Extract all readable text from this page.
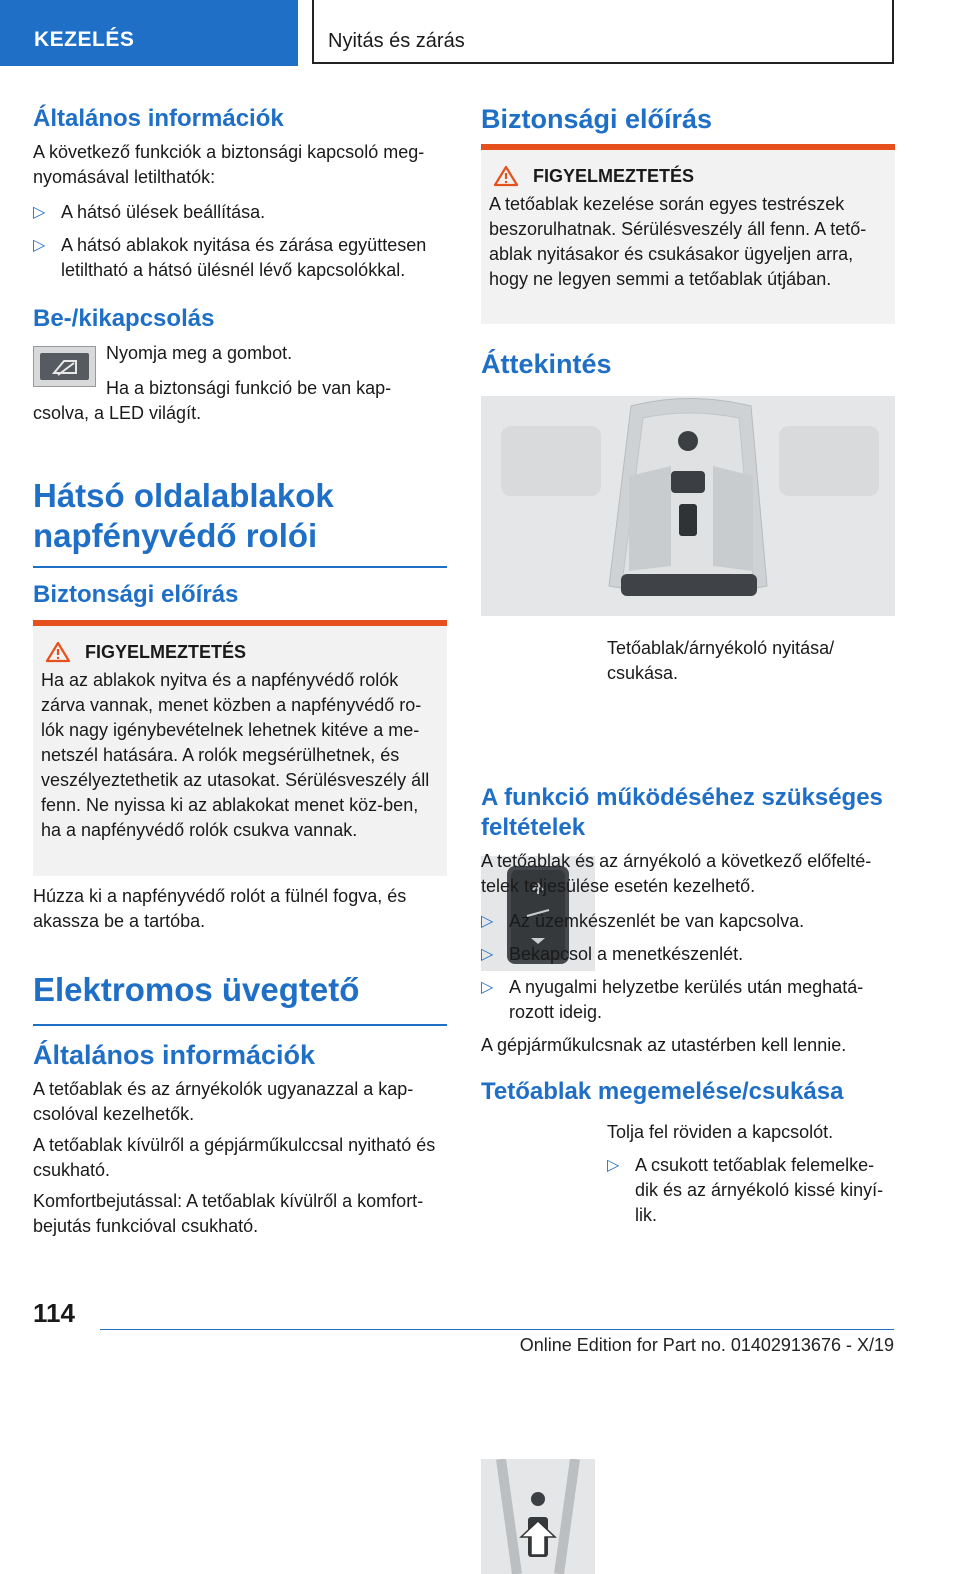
KEZELÉS	Nyitás és zárás
Általános információk

A következő funkciók a biztonsági kapcsoló meg-nyomásával letilthatók:

▷ A hátsó ülések beállítása.
▷ A hátsó ablakok nyitása és zárása együttesen letiltható a hátsó ülésnél lévő kapcsolókkal.
Be-/kikapcsolás

Nyomja meg a gombot.

Ha a biztonsági funkció be van kap-csolva, a LED világít.

Hátsó oldalablakok napfényvédő rolói
Biztonsági előírás
FIGYELMEZTETÉS

Ha az ablakok nyitva és a napfényvédő rolók zárva vannak, menet közben a napfényvédő ro-lók nagy igénybevételnek lehetnek kitéve a me-netszél hatására. A rolók megsérülhetnek, és veszélyeztethetik az utasokat. Sérülésveszély áll fenn. Ne nyissa ki az ablakokat menet köz-ben, ha a napfényvédő rolók csukva vannak.

Húzza ki a napfényvédő rolót a fülnél fogva, és akassza be a tartóba.

Elektromos üvegtető
Általános információk

A tetőablak és az árnyékolók ugyanazzal a kap-csolóval kezelhetők.

A tetőablak kívülről a gépjárműkulccsal nyitható és csukható.

Komfortbejutással: A tetőablak kívülről a komfort-bejutás funkcióval csukható.

Biztonsági előírás
FIGYELMEZTETÉS

A tetőablak kezelése során egyes testrészek beszorulhatnak. Sérülésveszély áll fenn. A tető-ablak nyitásakor és csukásakor ügyeljen arra, hogy ne legyen semmi a tetőablak útjában.

Áttekintés

Tetőablak/árnyékoló nyitása/ csukása.

A funkció működéséhez szükséges feltételek

A tetőablak és az árnyékoló a következő előfelté-telek teljesülése esetén kezelhető.

▷ Az üzemkészenlét be van kapcsolva.
▷ Bekapcsol a menetkészenlét.
▷ A nyugalmi helyzetbe kerülés után meghatá-rozott ideig.

A gépjárműkulcsnak az utastérben kell lennie.

Tetőablak megemelése/csukása

Tolja fel röviden a kapcsolót.

▷ A csukott tetőablak felemelke-dik és az árnyékoló kissé kinyí-lik.
114
Online Edition for Part no. 01402913676 - X/19
